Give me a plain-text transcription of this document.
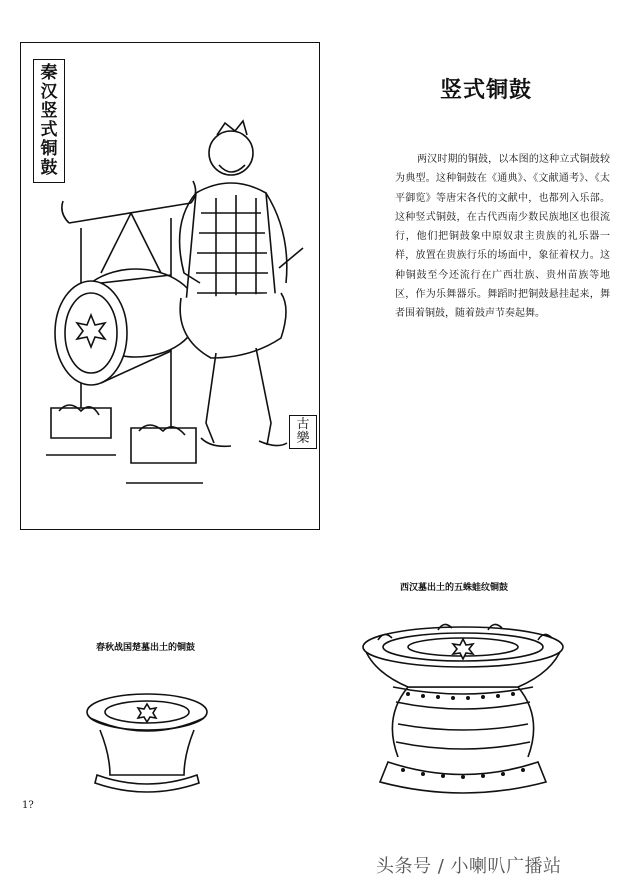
秦
汉
竖
式
铜
鼓
古
樂
竖式铜鼓
两汉时期的铜鼓，以本图的这种立式铜鼓较为典型。这种铜鼓在《通典》、《文献通考》、《太平御览》等唐宋各代的文献中，也都列入乐部。这种竖式铜鼓，在古代西南少数民族地区也很流行，他们把铜鼓象中原奴隶主贵族的礼乐器一样，放置在贵族行乐的场面中，象征着权力。这种铜鼓至今还流行在广西壮族、贵州苗族等地区，作为乐舞器乐。舞蹈时把铜鼓悬挂起来，舞者围着铜鼓，随着鼓声节奏起舞。
西汉墓出土的五蛛蛙纹铜鼓
春秋战国楚墓出土的铜鼓
1?
头条号 / 小喇叭广播站
